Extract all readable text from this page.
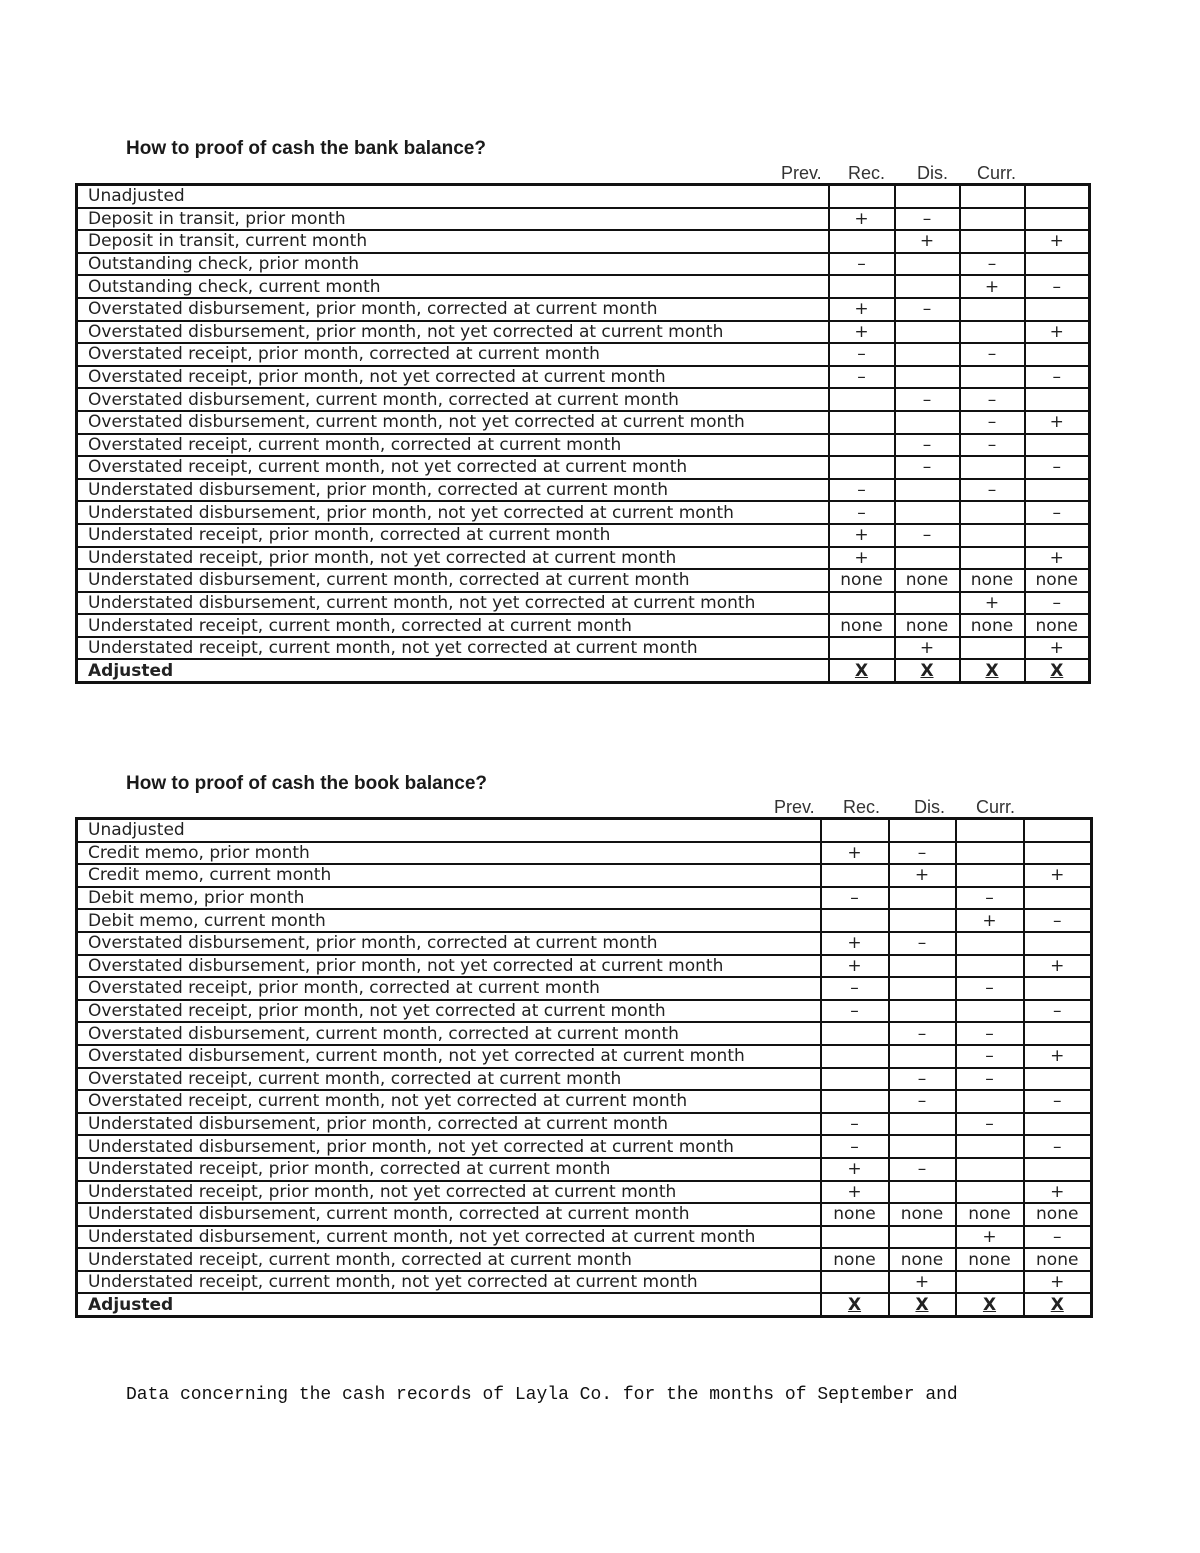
How to proof of cash the bank balance?
Prev. Rec. Dis. Curr.
Unadjusted				
Deposit in transit, prior month	+	–		
Deposit in transit, current month		+		+
Outstanding check, prior month	–		–	
Outstanding check, current month			+	–
Overstated disbursement, prior month, corrected at current month	+	–		
Overstated disbursement, prior month, not yet corrected at current month	+			+
Overstated receipt, prior month, corrected at current month	–		–	
Overstated receipt, prior month, not yet corrected at current month	–			–
Overstated disbursement, current month, corrected at current month		–	–	
Overstated disbursement, current month, not yet corrected at current month			–	+
Overstated receipt, current month, corrected at current month		–	–	
Overstated receipt, current month, not yet corrected at current month		–		–
Understated disbursement, prior month, corrected at current month	–		–	
Understated disbursement, prior month, not yet corrected at current month	–			–
Understated receipt, prior month, corrected at current month	+	–		
Understated receipt, prior month, not yet corrected at current month	+			+
Understated disbursement, current month, corrected at current month	none	none	none	none
Understated disbursement, current month, not yet corrected at current month			+	–
Understated receipt, current month, corrected at current month	none	none	none	none
Understated receipt, current month, not yet corrected at current month		+		+
Adjusted	X	X	X	X
How to proof of cash the book balance?
Prev. Rec. Dis. Curr.
Unadjusted				
Credit memo, prior month	+	–		
Credit memo, current month		+		+
Debit memo, prior month	–		–	
Debit memo, current month			+	–
Overstated disbursement, prior month, corrected at current month	+	–		
Overstated disbursement, prior month, not yet corrected at current month	+			+
Overstated receipt, prior month, corrected at current month	–		–	
Overstated receipt, prior month, not yet corrected at current month	–			–
Overstated disbursement, current month, corrected at current month		–	–	
Overstated disbursement, current month, not yet corrected at current month			–	+
Overstated receipt, current month, corrected at current month		–	–	
Overstated receipt, current month, not yet corrected at current month		–		–
Understated disbursement, prior month, corrected at current month	–		–	
Understated disbursement, prior month, not yet corrected at current month	–			–
Understated receipt, prior month, corrected at current month	+	–		
Understated receipt, prior month, not yet corrected at current month	+			+
Understated disbursement, current month, corrected at current month	none	none	none	none
Understated disbursement, current month, not yet corrected at current month			+	–
Understated receipt, current month, corrected at current month	none	none	none	none
Understated receipt, current month, not yet corrected at current month		+		+
Adjusted	X	X	X	X

Data concerning the cash records of Layla Co. for the months of September and
